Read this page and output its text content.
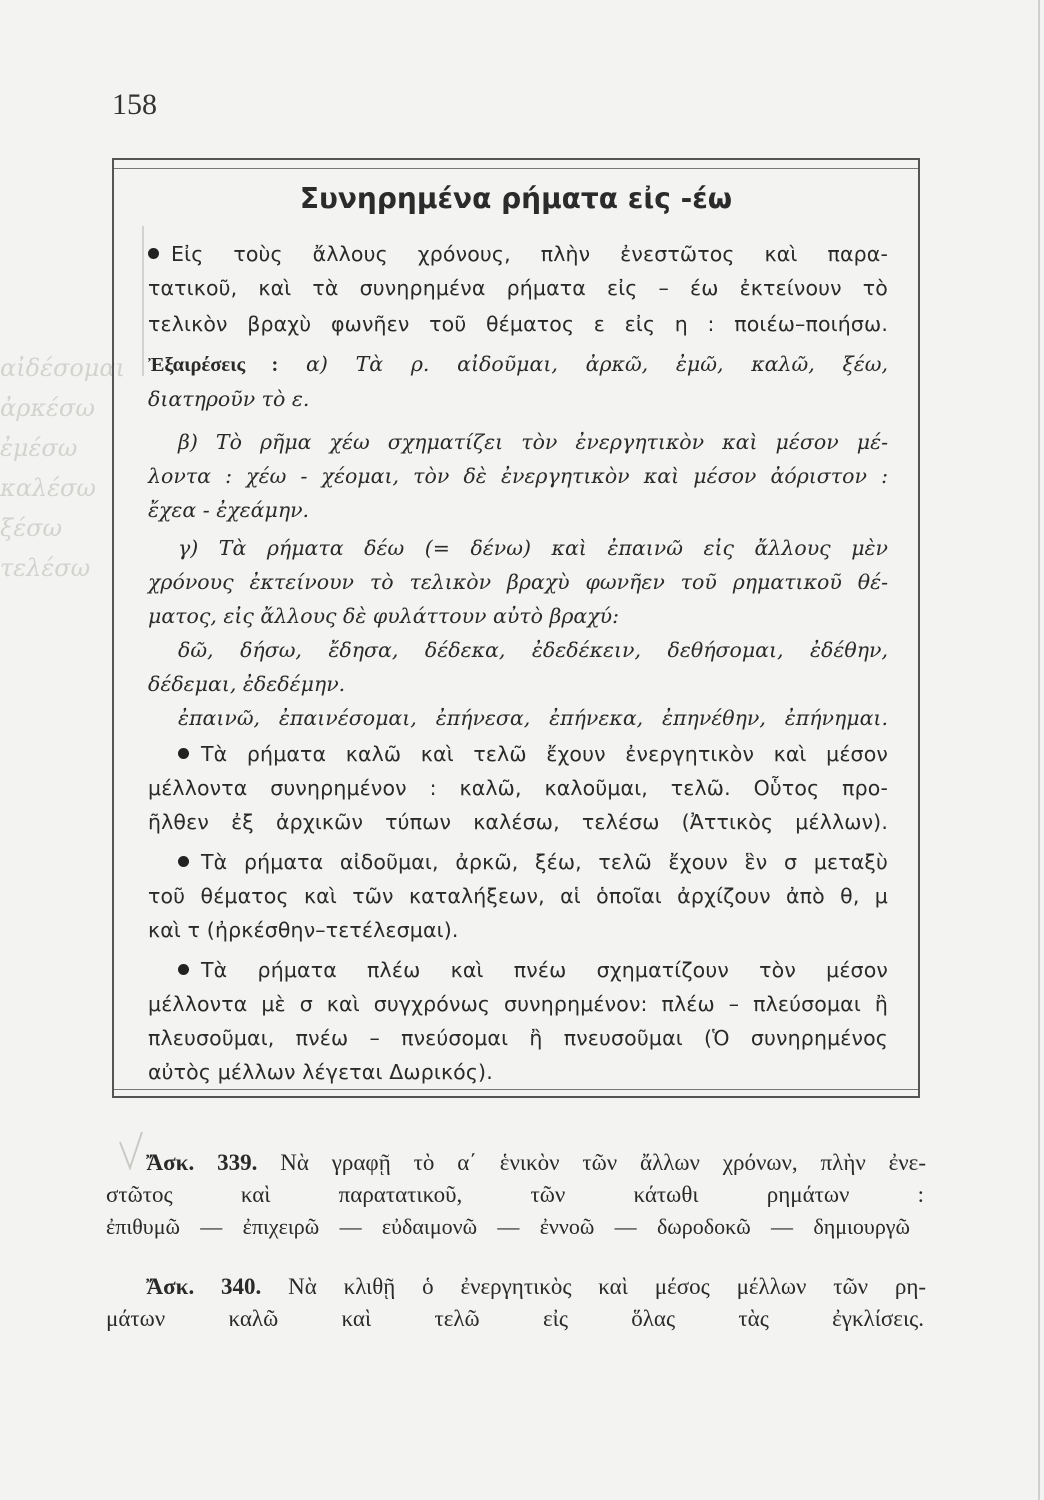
158
αἰδέσομαι
ἀρκέσω
ἐμέσω
καλέσω
ξέσω
τελέσω
Συνηρημένα ρήματα εἰς -έω
Εἰς τοὺς ἄλλους χρόνους, πλὴν ἐνεστῶτος καὶ παρα-
τατικοῦ, καὶ τὰ συνηρημένα ρήματα εἰς – έω ἐκτείνουν τὸ
τελικὸν βραχὺ φωνῆεν τοῦ θέματος ε εἰς η : ποιέω–ποιήσω.
Ἐξαιρέσεις : α) Τὰ ρ. αἰδοῦμαι, ἀρκῶ, ἐμῶ, καλῶ, ξέω,
διατηροῦν τὸ ε.
β) Τὸ ρῆμα χέω σχηματίζει τὸν ἐνεργητικὸν καὶ μέσον μέ-
λοντα : χέω - χέομαι, τὸν δὲ ἐνεργητικὸν καὶ μέσον ἀόριστον :
ἔχεα - ἐχεάμην.
γ) Τὰ ρήματα δέω (= δένω) καὶ ἐπαινῶ εἰς ἄλλους μὲν
χρόνους ἐκτείνουν τὸ τελικὸν βραχὺ φωνῆεν τοῦ ρηματικοῦ θέ-
ματος, εἰς ἄλλους δὲ φυλάττουν αὐτὸ βραχύ:
δῶ, δήσω, ἔδησα, δέδεκα, ἐδεδέκειν, δεθήσομαι, ἐδέθην,
δέδεμαι, ἐδεδέμην.
ἐπαινῶ, ἐπαινέσομαι, ἐπήνεσα, ἐπήνεκα, ἐπηνέθην, ἐπήνημαι.
Τὰ ρήματα καλῶ καὶ τελῶ ἔχουν ἐνεργητικὸν καὶ μέσον
μέλλοντα συνηρημένον : καλῶ, καλοῦμαι, τελῶ. Οὗτος προ-
ῆλθεν ἐξ ἀρχικῶν τύπων καλέσω, τελέσω (Ἀττικὸς μέλλων).
Τὰ ρήματα αἰδοῦμαι, ἀρκῶ, ξέω, τελῶ ἔχουν ἓν σ μεταξὺ
τοῦ θέματος καὶ τῶν καταλήξεων, αἱ ὁποῖαι ἀρχίζουν ἀπὸ θ, μ
καὶ τ (ἠρκέσθην–τετέλεσμαι).
Τὰ ρήματα πλέω καὶ πνέω σχηματίζουν τὸν μέσον
μέλλοντα μὲ σ καὶ συγχρόνως συνηρημένον: πλέω – πλεύσομαι ἢ
πλευσοῦμαι, πνέω – πνεύσομαι ἢ πνευσοῦμαι (Ὁ συνηρημένος
αὐτὸς μέλλων λέγεται Δωρικός).
Ἄσκ. 339. Νὰ γραφῇ τὸ α΄ ἑνικὸν τῶν ἄλλων χρόνων, πλὴν ἐνε-
στῶτος καὶ παρατατικοῦ, τῶν κάτωθι ρημάτων :
ἐπιθυμῶ — ἐπιχειρῶ — εὐδαιμονῶ — ἐννοῶ — δωροδοκῶ — δημιουργῶ
Ἄσκ. 340. Νὰ κλιθῇ ὁ ἐνεργητικὸς καὶ μέσος μέλλων τῶν ρη-
μάτων καλῶ καὶ τελῶ εἰς ὅλας τὰς ἐγκλίσεις.
